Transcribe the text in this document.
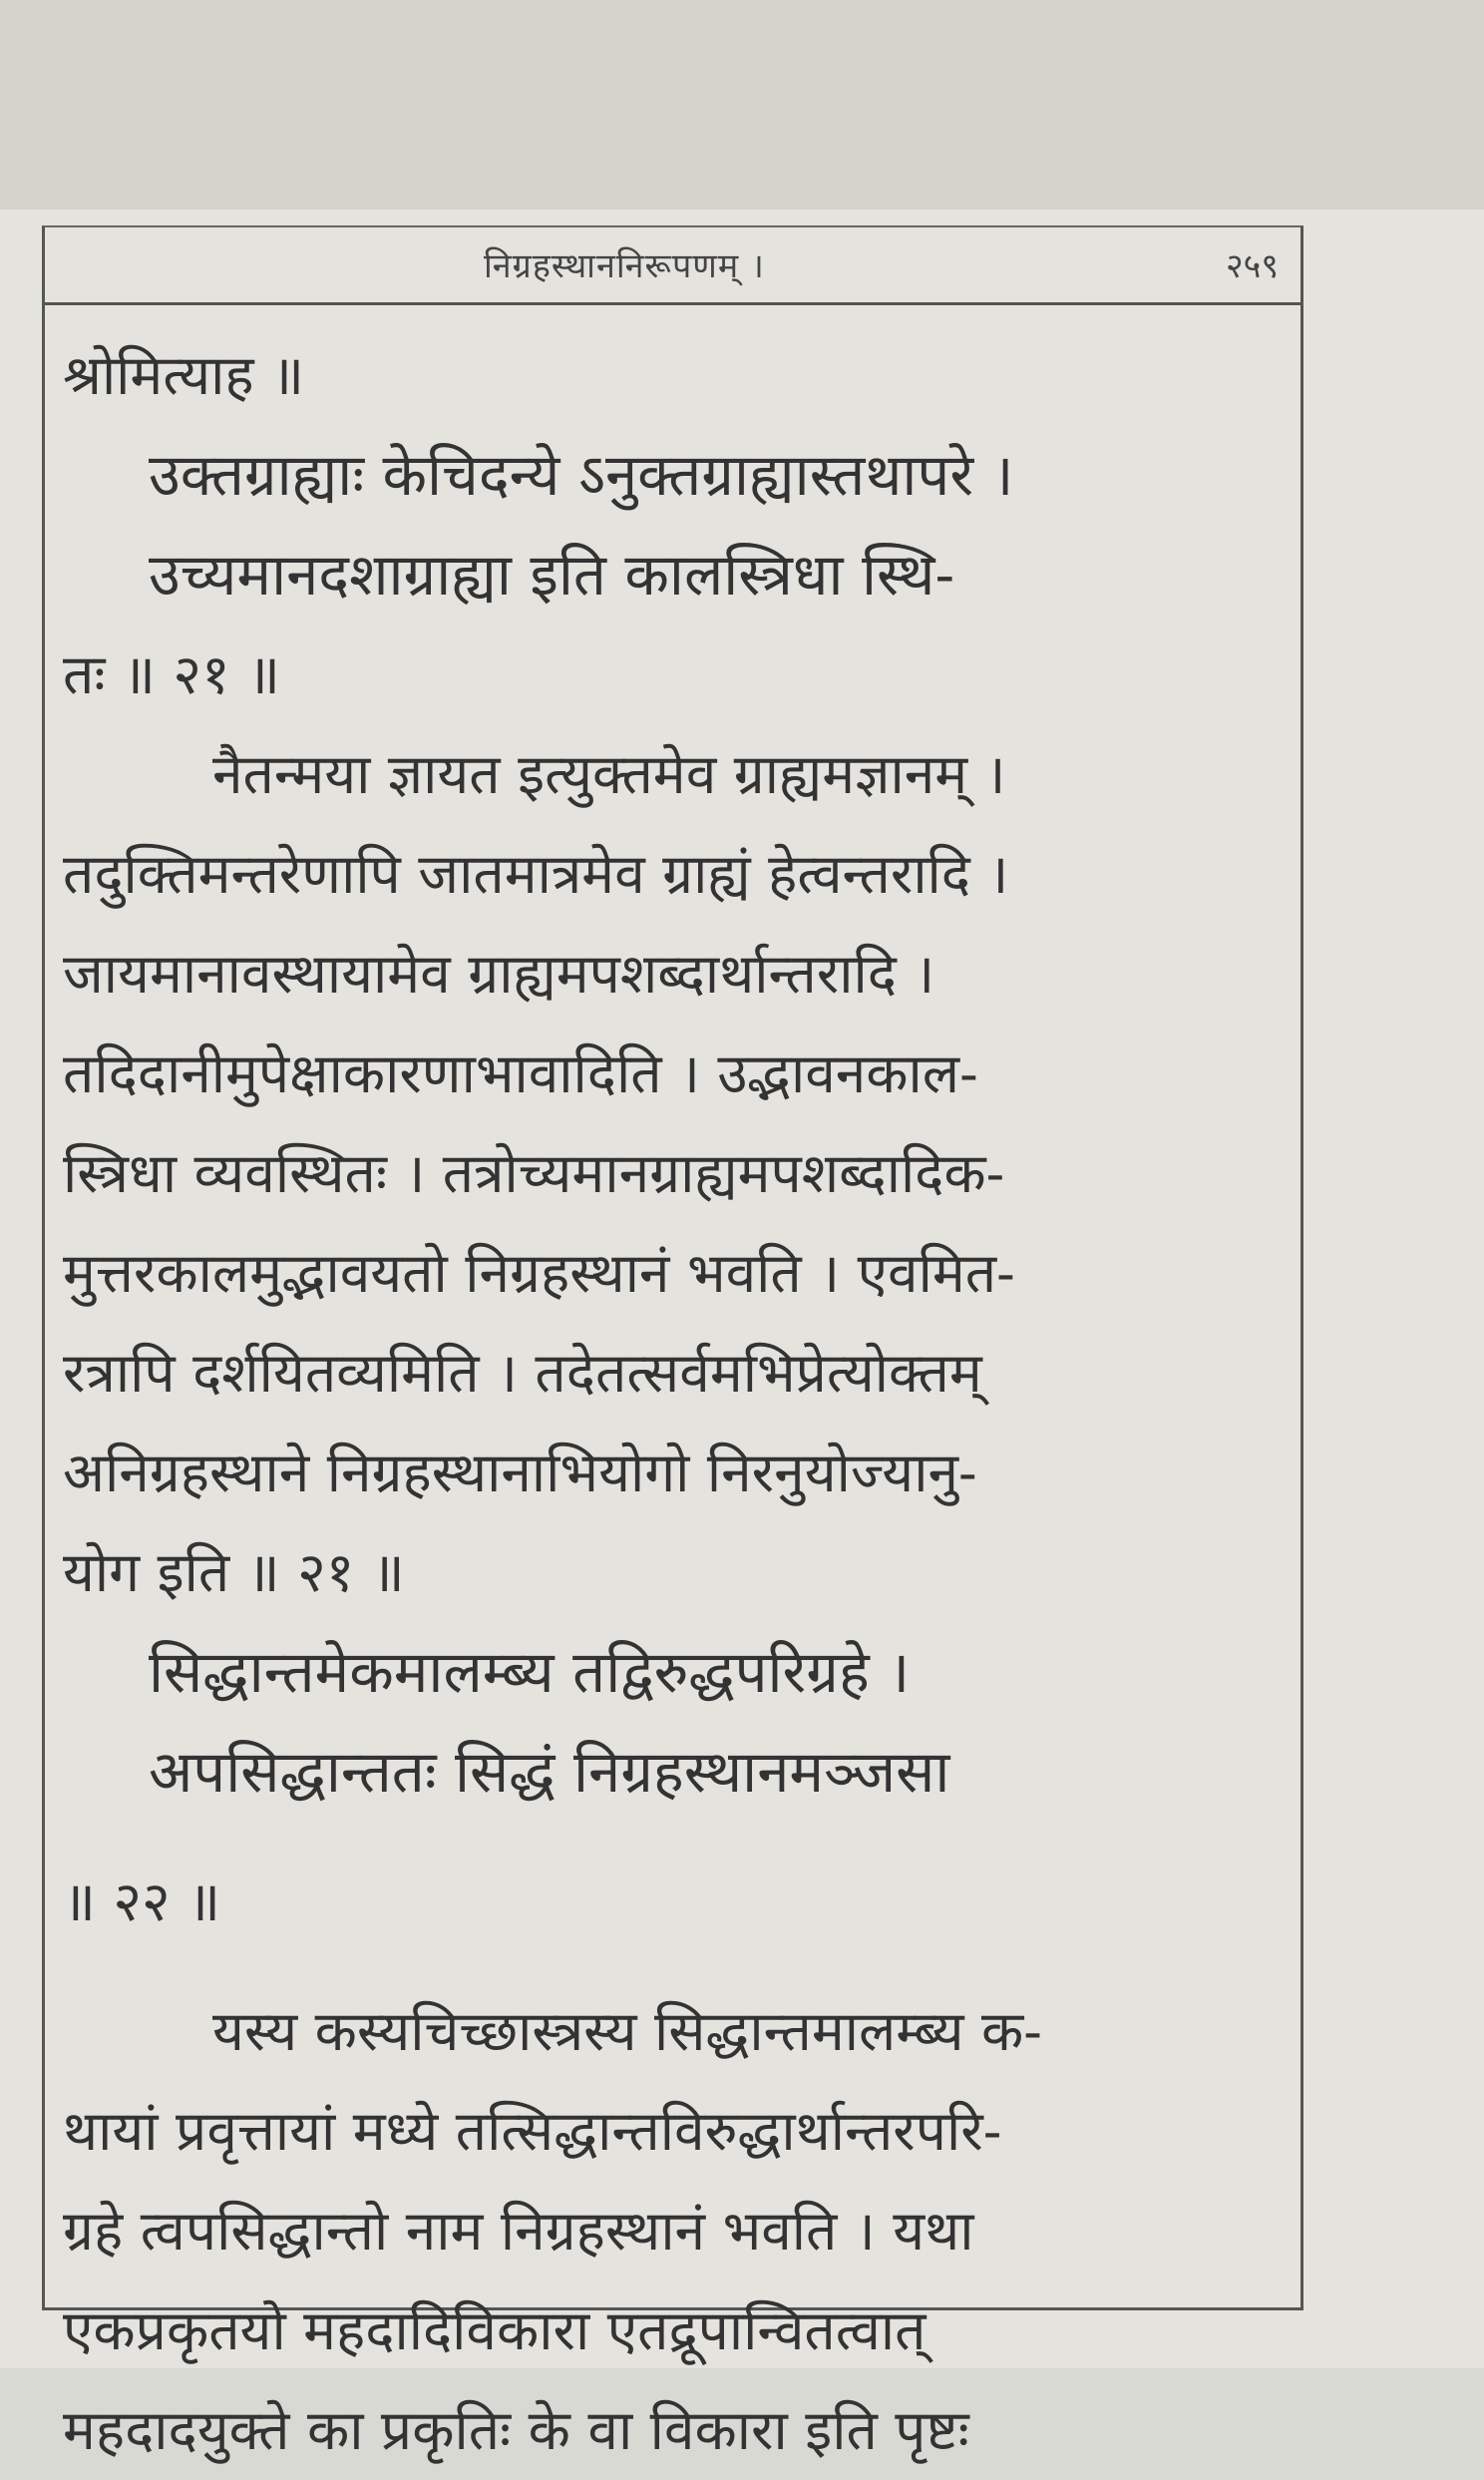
निग्रहस्थाननिरूपणम् ।	२५९
श्रोमित्याह ॥
उक्तग्राह्याः केचिदन्ये ऽनुक्तग्राह्यास्तथापरे ।
उच्यमानदशाग्राह्या इति कालस्त्रिधा स्थि-
तः ॥ २१ ॥
नैतन्मया ज्ञायत इत्युक्तमेव ग्राह्यमज्ञानम् ।
तदुक्तिमन्तरेणापि जातमात्रमेव ग्राह्यं हेत्वन्तरादि ।
जायमानावस्थायामेव ग्राह्यमपशब्दार्थान्तरादि ।
तदिदानीमुपेक्षाकारणाभावादिति । उद्भावनकाल-
स्त्रिधा व्यवस्थितः । तत्रोच्यमानग्राह्यमपशब्दादिक-
मुत्तरकालमुद्भावयतो निग्रहस्थानं भवति । एवमित-
रत्रापि दर्शयितव्यमिति । तदेतत्सर्वमभिप्रेत्योक्तम्
अनिग्रहस्थाने निग्रहस्थानाभियोगो निरनुयोज्यानु-
योग इति ॥ २१ ॥
सिद्धान्तमेकमालम्ब्य तद्विरुद्धपरिग्रहे ।
अपसिद्धान्ततः सिद्धं निग्रहस्थानमञ्जसा
॥ २२ ॥
यस्य कस्यचिच्छास्त्रस्य सिद्धान्तमालम्ब्य क-
थायां प्रवृत्तायां मध्ये तत्सिद्धान्तविरुद्धार्थान्तरपरि-
ग्रहे त्वपसिद्धान्तो नाम निग्रहस्थानं भवति । यथा
एकप्रकृतयो महदादिविकारा एतद्रूपान्वितत्वात्
महदादयुक्ते का प्रकृतिः के वा विकारा इति पृष्टः
